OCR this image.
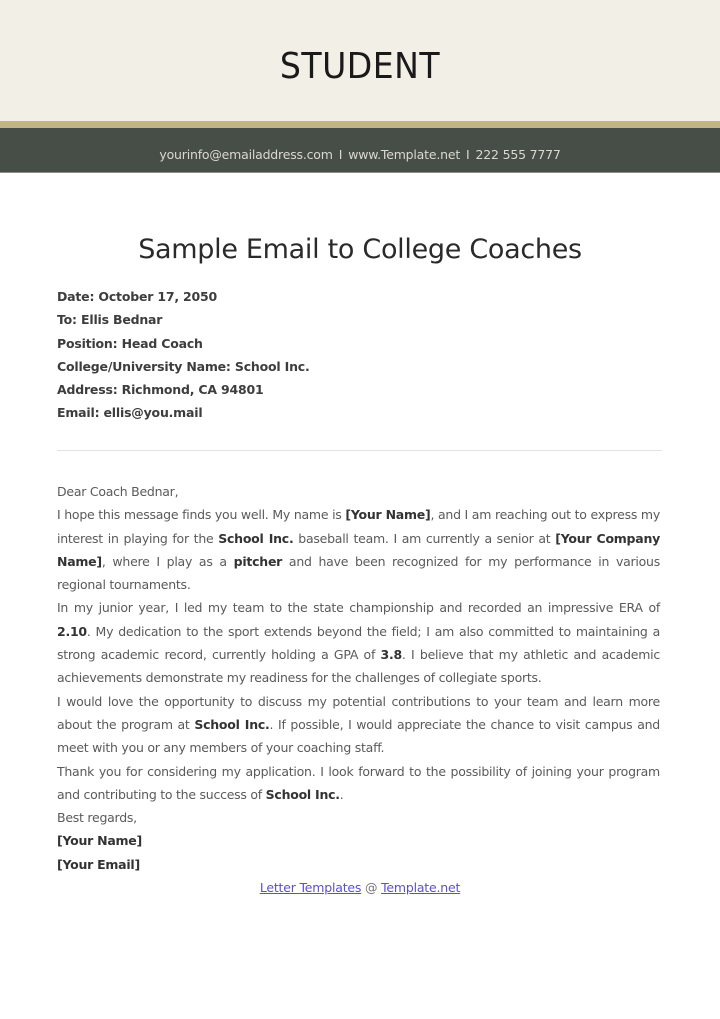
STUDENT
yourinfo@emailaddress.com I www.Template.net I 222 555 7777
Sample Email to College Coaches
Date: October 17, 2050
To: Ellis Bednar
Position: Head Coach
College/University Name: School Inc.
Address: Richmond, CA 94801
Email: ellis@you.mail

Dear Coach Bednar,

I hope this message finds you well. My name is [Your Name], and I am reaching out to express my interest in playing for the School Inc. baseball team. I am currently a senior at [Your Company Name], where I play as a pitcher and have been recognized for my performance in various regional tournaments.

In my junior year, I led my team to the state championship and recorded an impressive ERA of 2.10. My dedication to the sport extends beyond the field; I am also committed to maintaining a strong academic record, currently holding a GPA of 3.8. I believe that my athletic and academic achievements demonstrate my readiness for the challenges of collegiate sports.

I would love the opportunity to discuss my potential contributions to your team and learn more about the program at School Inc.. If possible, I would appreciate the chance to visit campus and meet with you or any members of your coaching staff.

Thank you for considering my application. I look forward to the possibility of joining your program and contributing to the success of School Inc..

Best regards,

[Your Name]

[Your Email]

Letter Templates @ Template.net
